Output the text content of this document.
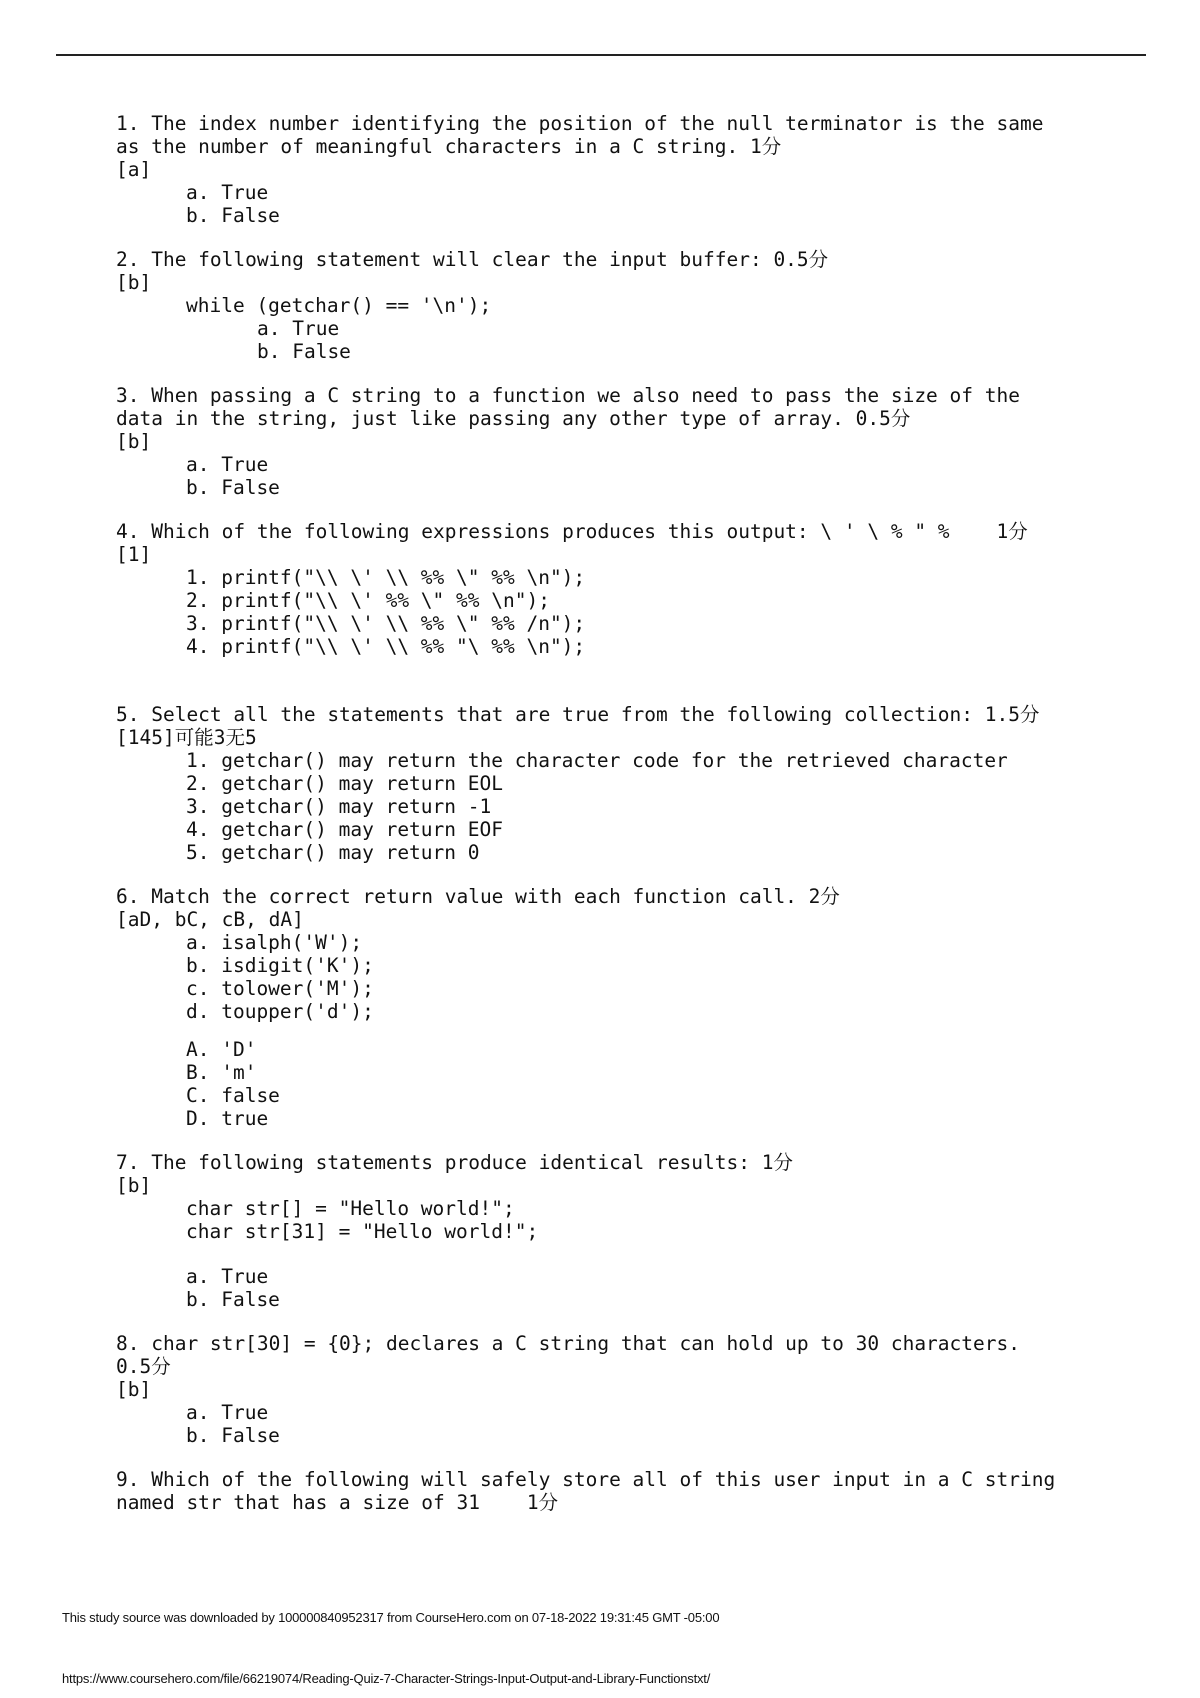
1. The index number identifying the position of the null terminator is the same
as the number of meaningful characters in a C string. 1分
[a]
a. True
b. False
2. The following statement will clear the input buffer: 0.5分
[b]
while (getchar() == '\n');
a. True
b. False
3. When passing a C string to a function we also need to pass the size of the
data in the string, just like passing any other type of array. 0.5分
[b]
a. True
b. False
4. Which of the following expressions produces this output: \ ' \ % " %    1分
[1]
1. printf("\\ \' \\ %% \" %% \n");
2. printf("\\ \' %% \" %% \n");
3. printf("\\ \' \\ %% \" %% /n");
4. printf("\\ \' \\ %% "\ %% \n");
5. Select all the statements that are true from the following collection: 1.5分
[145]可能3无5
1. getchar() may return the character code for the retrieved character
2. getchar() may return EOL
3. getchar() may return -1
4. getchar() may return EOF
5. getchar() may return 0
6. Match the correct return value with each function call. 2分
[aD, bC, cB, dA]
a. isalph('W');
b. isdigit('K');
c. tolower('M');
d. toupper('d');
A. 'D'
B. 'm'
C. false
D. true
7. The following statements produce identical results: 1分
[b]
char str[] = "Hello world!";
char str[31] = "Hello world!";
a. True
b. False
8. char str[30] = {0}; declares a C string that can hold up to 30 characters.
0.5分
[b]
a. True
b. False
9. Which of the following will safely store all of this user input in a C string
named str that has a size of 31    1分
This study source was downloaded by 100000840952317 from CourseHero.com on 07-18-2022 19:31:45 GMT -05:00
https://www.coursehero.com/file/66219074/Reading-Quiz-7-Character-Strings-Input-Output-and-Library-Functionstxt/
